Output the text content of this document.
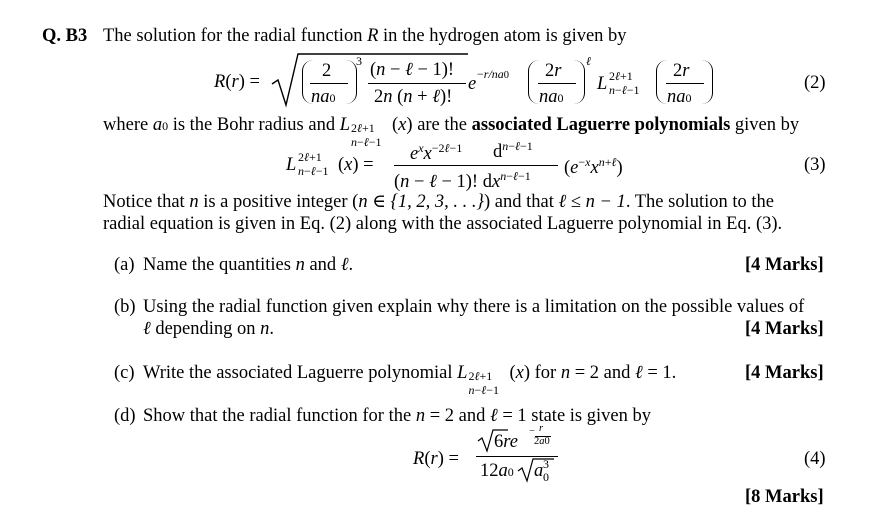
Q. B3 The solution for the radial function R in the hydrogen atom is given by
R(r) =
2
na0
3 (n − ℓ − 1)!
2n (n + ℓ)!
e −r/na0 2r
na0
ℓ
L 2ℓ+1
n−ℓ−1
2r
na0
(2)
where a0 is the Bohr radius and L 2ℓ+1
n−ℓ−1
(x) are the associated Laguerre polynomials given by
L 2ℓ+1
n−ℓ−1 (x) =
$e^xx^{-2\ell-1}$ $d^{n-\ell-1}$
(n − ℓ − 1)! $dx^{n-\ell-1}$ $(e^{-x}x^{n+\ell})$	(3)
Notice that n is a positive integer (n ∈ {1, 2, 3, . . .}) and that ℓ ≤ n − 1. The solution to the
radial equation is given in Eq. (2) along with the associated Laguerre polynomial in Eq. (3).
(a) Name the quantities n and ℓ.	[4 Marks]
(b) Using the radial function given explain why there is a limitation on the possible values of
ℓ depending on n.	[4 Marks]
(c) Write the associated Laguerre polynomial L 2ℓ+1
n−ℓ−1
(x) for n = 2 and ℓ = 1.	[4 Marks]
(d) Show that the radial function for the n = 2 and ℓ = 1 state is given by
[8 Marks]
R(r) =
6re
− r
2a0
12a0 a 3
0
(4)
